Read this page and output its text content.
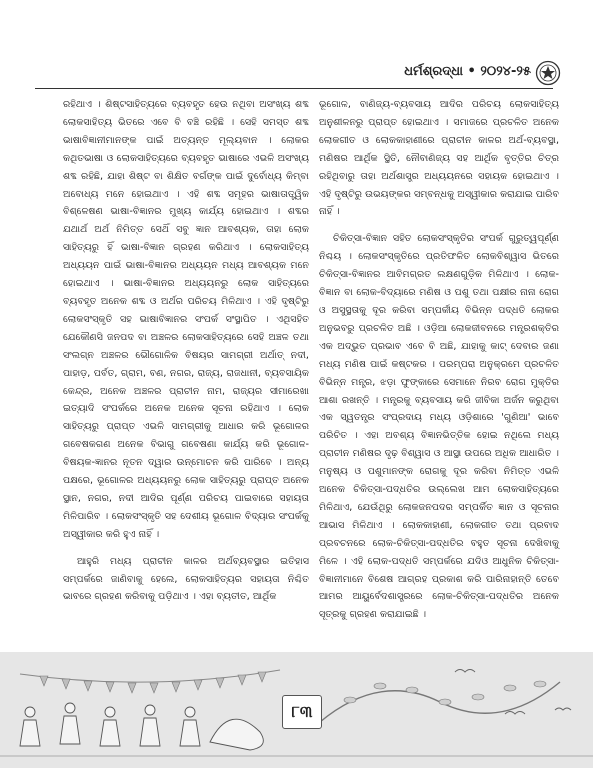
ଧର୍ମଶ୍ରଦ୍ଧା • ୨୦୨୪-୨୫

ରହିଥାଏ । ଶିଷ୍ଟସାହିତ୍ୟରେ ବ୍ୟବହୃତ ହେଉ ନଥିବା ଅସଂଖ୍ୟ ଶବ୍ଦ ଲୋକସାହିତ୍ୟ ଭିତରେ ଏବେ ବି ବଞ୍ଚି ରହିଛି । ସେହି ସମସ୍ତ ଶବ୍ଦ ଭାଷାବିଜ୍ଞାନୀମାନଙ୍କ ପାଇଁ ଅତ୍ୟନ୍ତ ମୂଲ୍ୟବାନ । ଲୋକର କଥିତଭାଷା ଓ ଲୋକସାହିତ୍ୟରେ ବ୍ୟବହୃତ ଭାଷାରେ ଏଭଳି ଅସଂଖ୍ୟ ଶବ୍ଦ ରହିଛି, ଯାହା ଶିଷ୍ଟ ବା ଶିକ୍ଷିତ ବର୍ଗଙ୍କ ପାଇଁ ଦୁର୍ବୋଧ୍ୟ କିମ୍ବା ଅବୋଧ୍ୟ ମନେ ହୋଇଥାଏ । ଏହି ଶବ୍ଦ ସମୂହର ଭାଷାତାତ୍ତ୍ୱିକ ବିଶ୍ଳେଷଣ ଭାଷା-ବିଜ୍ଞାନର ମୁଖ୍ୟ କାର୍ଯ୍ୟ ହୋଇଥାଏ । ଶବ୍ଦର ଯଥାର୍ଥ ଅର୍ଥ ନିମିତ୍ତ ସେଥିଁ ସବୁ ଜ୍ଞାନ ଆବଶ୍ୟକ, ତାହା ଲୋକ ସାହିତ୍ୟରୁ ହିଁ ଭାଷା-ବିଜ୍ଞାନ ଗ୍ରହଣ କରିଥାଏ । ଲୋକସାହିତ୍ୟ ଅଧ୍ୟୟନ ପାଇଁ ଭାଷା-ବିଜ୍ଞାନର ଅଧ୍ୟୟନ ମଧ୍ୟ ଆବଶ୍ୟକ ମନେ ହୋଇଥାଏ । ଭାଷା-ବିଜ୍ଞାନର ଅଧ୍ୟୟନରୁ ଲୋକ ସାହିତ୍ୟରେ ବ୍ୟବହୃତ ଅନେକ ଶବ୍ଦ ଓ ଅର୍ଥର ପରିଚୟ ମିଳିଥାଏ । ଏହି ଦୃଷ୍ଟିରୁ ଲୋକସଂସ୍କୃତି ସହ ଭାଷାବିଜ୍ଞାନର ସଂପର୍କ ସଂସ୍ଥାପିତ । ଏଥିସହିତ ଯେକୌଣସି ଜନପଦ ବା ଅଞ୍ଚଳର ଲୋକସାହିତ୍ୟରେ ସେହି ଅଞ୍ଚଳ ତଥା ସଂଲଗ୍ନ ଅଞ୍ଚଳର ଭୌଗୋଳିକ ବିଷୟର ସାମଗ୍ରୀ ଅର୍ଥାତ୍ ନଦୀ, ପାହାଡ଼, ପର୍ବତ, ଗ୍ରାମ, ବଣ, ନଗର, ରାଜ୍ୟ, ରାଜଧାନୀ, ବ୍ୟବସାୟିକ କେନ୍ଦ୍ର, ଅନେକ ଅଞ୍ଚଳର ପ୍ରାଚୀନ ନାମ, ରାଜ୍ୟର ସୀମାରେଖା ଇତ୍ୟାଦି ସଂପର୍କରେ ଅନେକ ଅନେକ ସୂଚନା ରହିଥାଏ । ଲୋକ ସାହିତ୍ୟରୁ ପ୍ରାପ୍ତ ଏଭଳି ସାମଗ୍ରୀକୁ ଆଧାର କରି ଭୂଗୋଳର ଗବେଷକଗଣ ଅନେକ ବିଭାଗୁ ଗବେଷଣା କାର୍ଯ୍ୟ କରି ଭୂଗୋଳ-ବିଷୟକ-ଜ୍ଞାନର ନୂତନ ଦ୍ୱାର ଉନ୍ମୋଚନ କରି ପାରିବେ । ଅନ୍ୟ ପକ୍ଷରେ, ଭୂଗୋଳର ଅଧ୍ୟୟନରୁ ଲୋକ ସାହିତ୍ୟରୁ ପ୍ରାପ୍ତ ଅନେକ ସ୍ଥାନ, ନଗର, ନଦୀ ଆଦିର ପୂର୍ଣ୍ଣ ପରିଚୟ ପାଇବାରେ ସହାୟତା ମିଳିପାରିବ । ଲୋକସଂସ୍କୃତି ସହ ଦେଶୀୟ ଭୂଗୋଳ ବିଦ୍ୟାର ସଂପର୍କକୁ ଅସ୍ୱୀକାର କରି ହୁଏ ନାହିଁ ।

ଆହୁରି ମଧ୍ୟ ପ୍ରାଚୀନ କାଳର ଅର୍ଥବ୍ୟବସ୍ଥାର ଇତିହାସ ସମ୍ପର୍କରେ ଜାଣିବାକୁ ହେଲେ, ଲୋକସାହିତ୍ୟର ସହାୟତା ନିଶ୍ଚିତ ଭାବରେ ଗ୍ରହଣ କରିବାକୁ ପଡ଼ିଥାଏ । ଏହା ବ୍ୟତୀତ, ଆର୍ଥିକ

ଭୂଗୋଳ, ବାଣିଜ୍ୟ-ବ୍ୟବସାୟ ଆଦିର ପରିଚୟ ଲୋକସାହିତ୍ୟ ଅନୁଶୀଳନରୁ ପ୍ରାପ୍ତ ହୋଇଥାଏ । ସମାଜରେ ପ୍ରଚଳିତ ଅନେକ ଲୋକଗୀତ ଓ ଲୋକକାହାଣୀରେ ପ୍ରାଚୀନ କାଳର ଅର୍ଥ-ବ୍ୟବସ୍ଥା, ମଣିଷର ଆର୍ଥିକ ସ୍ଥିତି, ନୌବାଣିଜ୍ୟ ସହ ଆର୍ଥିକ ବୃତ୍ତିର ଚିତ୍ର ରହିଥିବାରୁ ତାହା ଅର୍ଥଶାସ୍ତ୍ର ଅଧ୍ୟୟନରେ ସହାୟକ ହୋଇଥାଏ । ଏହି ଦୃଷ୍ଟିରୁ ଉଭୟଙ୍କର ସମ୍ବନ୍ଧକୁ ଅସ୍ୱୀକାର କରାଯାଇ ପାରିବ ନାହିଁ ।

ଚିକିତ୍ସା-ବିଜ୍ଞାନ ସହିତ ଲୋକସଂସ୍କୃତିର ସଂପର୍କ ଗୁରୁତ୍ୱପୂର୍ଣ୍ଣ ନିଶ୍ଚୟ । ଲୋକସଂସ୍କୃତିରେ ପ୍ରତିଫଳିତ ଲୋକବିଶ୍ୱାସ ଭିତରେ ଚିକିତ୍ସା-ବିଜ୍ଞାନର ଆବିମଗ୍ରତ ଲକ୍ଷଣଗୁଡ଼ିକ ମିଳିଥାଏ । ଲୋକ-ବିଜ୍ଞାନ ବା ଲୋକ-ବିଦ୍ୟାରେ ମଣିଷ ଓ ପଶୁ ତଥା ପକ୍ଷୀର ନାନା ରୋଗ ଓ ଅସୁସ୍ଥତାକୁ ଦୂର କରିବା ସମ୍ପର୍କୀୟ ବିଭିନ୍ନ ପଦ୍ଧତି ଲୋକର ଅନୁଭବରୁ ପ୍ରଚଳିତ ଅଛି । ଓଡ଼ିଆ ଲୋକଜୀବନରେ ମନ୍ତ୍ରଶକ୍ତିର ଏକ ଅଦ୍ଭୁତ ପ୍ରଭାବ ଏବେ ବି ଅଛି, ଯାହାକୁ କାଟ୍ ଦେବାର ଜଣା ମଧ୍ୟ ମଣିଷ ପାଇଁ କଷ୍ଟକର । ପରମ୍ପରା ଅନୁକ୍ରମେ ପ୍ରଚଳିତ ବିଭିନ୍ନ ମନ୍ତ୍ର, ଝଡ଼ା ଫୁଙ୍କାରେ ସେମାନେ ନିରବ ରୋଗ ମୁକ୍ତିର ଆଶା ରଖନ୍ତି । ମନ୍ତ୍ରକୁ ବ୍ୟବସାୟ କରି ଜୀବିକା ଅର୍ଜନ କରୁଥିବା ଏକ ସ୍ୱତନ୍ତ୍ର ସଂପ୍ରଦାୟ ମଧ୍ୟ ଓଡ଼ିଶାରେ 'ଗୁଣିଆ' ଭାବେ ପରିଚିତ । ଏହା ଅବଶ୍ୟ ବିଜ୍ଞାନଭିତ୍ତିକ ହୋଇ ନଥିଲେ ମଧ୍ୟ ପ୍ରାଚୀନ ମଣିଷର ଦୃଢ଼ ବିଶ୍ୱାସ ଓ ଆସ୍ଥା ଉପରେ ଅଧିକ ଆଧାରିତ । ମନୁଷ୍ୟ ଓ ପଶୁମାନଙ୍କ ରୋଗକୁ ଦୂର କରିବା ନିମିତ୍ତ ଏଭଳି ଅନେକ ଚିକିତ୍ସା-ପଦ୍ଧତିର ଉଲ୍ଲେଖ ଆମ ଲୋକସାହିତ୍ୟରେ ମିଳିଥାଏ, ଯେଉଁଥିରୁ ଲୋକଜନପଦର ସମ୍ପର୍କିତ ଜ୍ଞାନ ଓ ସୂଚନାର ଆଭାସ ମିଳିଥାଏ । ଲୋକକାହାଣୀ, ଲୋକଗୀତ ତଥା ପ୍ରବାଦ ପ୍ରବଚନରେ ଲୋକ-ଚିକିତ୍ସା-ପଦ୍ଧତିର ବହୁତ ସୂଚନା ଦେଖିବାକୁ ମିଳେ । ଏହି ଲୋକ-ପଦ୍ଧତି ସମ୍ପର୍କରେ ଯଦିଓ ଆଧୁନିକ ଚିକିତ୍ସା-ବିଜ୍ଞାନୀମାନେ ବିଶେଷ ଆଗ୍ରହ ପ୍ରକାଶ କରି ପାରିନାହାନ୍ତି ତେବେ ଆମର ଆୟୁର୍ବେଦଶାସ୍ତ୍ରରେ ଲୋକ-ଚିକିତ୍ସା-ପଦ୍ଧତିର ଅନେକ ସୂତ୍ରକୁ ଗ୍ରହଣ କରାଯାଇଛି ।

୮୩
